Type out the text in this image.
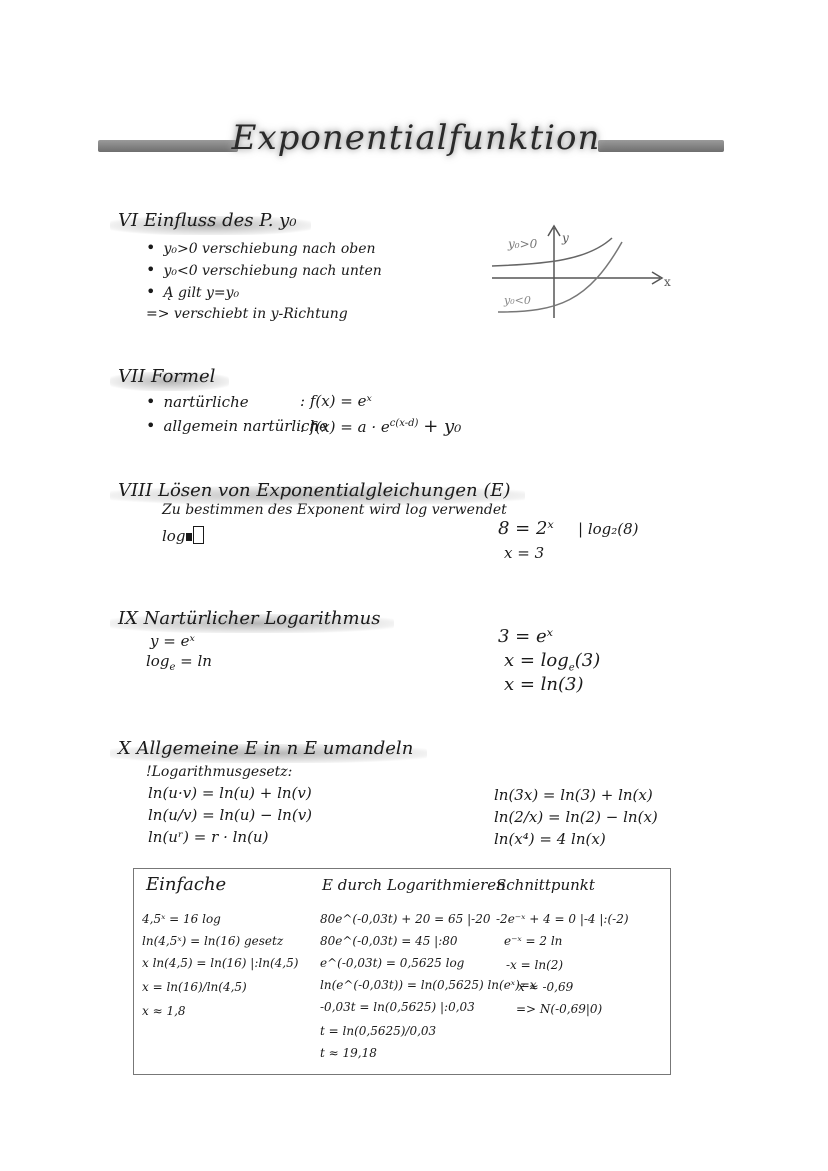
Exponentialfunktion
VI Einfluss des P. y₀
• y₀>0 verschiebung nach oben
• y₀<0 verschiebung nach unten
• Ą gilt y=y₀
=> verschiebt in y-Richtung
y₀>0 y
x
y₀<0
VII Formel
• nartürliche	: f(x) = eˣ
• allgemein nartürliche
: $f(x) = a \cdot e^{c(x-d)} + y_0$
VIII Lösen von Exponentialgleichungen (E)
Zu bestimmen des Exponent wird log verwendet
log	8 = 2ˣ | log₂(8)
x = 3
IX Nartürlicher Logarithmus
y = eˣ
$\log_e = \ln$
3 = eˣ
$x = \log_e(3)$
x = ln(3)
X Allgemeine E in n E umandeln
!Logarithmusgesetz:
ln(u·v) = ln(u) + ln(v)
ln(u/v) = ln(u) − ln(v)
ln(uʳ) = r · ln(u)
ln(3x) = ln(3) + ln(x)
ln(2/x) = ln(2) − ln(x)
ln(x⁴) = 4 ln(x)
Einfache
4,5ˣ = 16 log
ln(4,5ˣ) = ln(16) gesetz
x ln(4,5) = ln(16) |:ln(4,5)
x = ln(16)/ln(4,5)
x ≈ 1,8
E durch Logarithmieren
80e^(-0,03t) + 20 = 65 |-20
80e^(-0,03t) = 45 |:80
e^(-0,03t) = 0,5625 log
ln(e^(-0,03t)) = ln(0,5625) ln(eˣ)=x
-0,03t = ln(0,5625) |:0,03
t = ln(0,5625)/0,03
t ≈ 19,18
Schnittpunkt
-2e⁻ˣ + 4 = 0 |-4 |:(-2)
e⁻ˣ = 2 ln
-x = ln(2)
x ≈ -0,69
=> N(-0,69|0)
